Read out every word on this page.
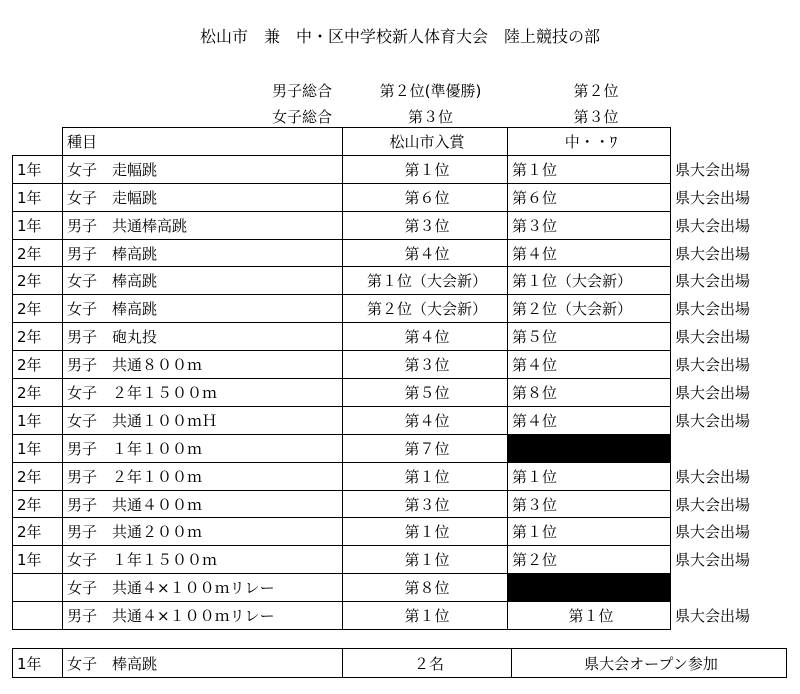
松山市　兼　中・区中学校新人体育大会　陸上競技の部
男子総合	第２位(準優勝)	第２位
女子総合	第３位	第３位
	種目	松山市入賞	中・・ﾜ	
1年	女子　走幅跳	第１位	第１位	県大会出場
1年	女子　走幅跳	第６位	第６位	県大会出場
1年	男子　共通棒高跳	第３位	第３位	県大会出場
2年	男子　棒高跳	第４位	第４位	県大会出場
2年	女子　棒高跳	第１位（大会新）	第１位（大会新）	県大会出場
2年	女子　棒高跳	第２位（大会新）	第２位（大会新）	県大会出場
2年	男子　砲丸投	第４位	第５位	県大会出場
2年	男子　共通８００ｍ	第３位	第４位	県大会出場
2年	女子　２年１５００ｍ	第５位	第８位	県大会出場
1年	女子　共通１００ｍＨ	第４位	第４位	県大会出場
1年	男子　１年１００ｍ	第７位		
2年	男子　２年１００ｍ	第１位	第１位	県大会出場
2年	男子　共通４００ｍ	第３位	第３位	県大会出場
2年	男子　共通２００ｍ	第１位	第１位	県大会出場
1年	女子　１年１５００ｍ	第１位	第２位	県大会出場
	女子　共通４×１００ｍリレー	第８位		
	男子　共通４×１００ｍリレー	第１位	第１位	県大会出場
1年	女子　棒高跳	２名	県大会オープン参加
